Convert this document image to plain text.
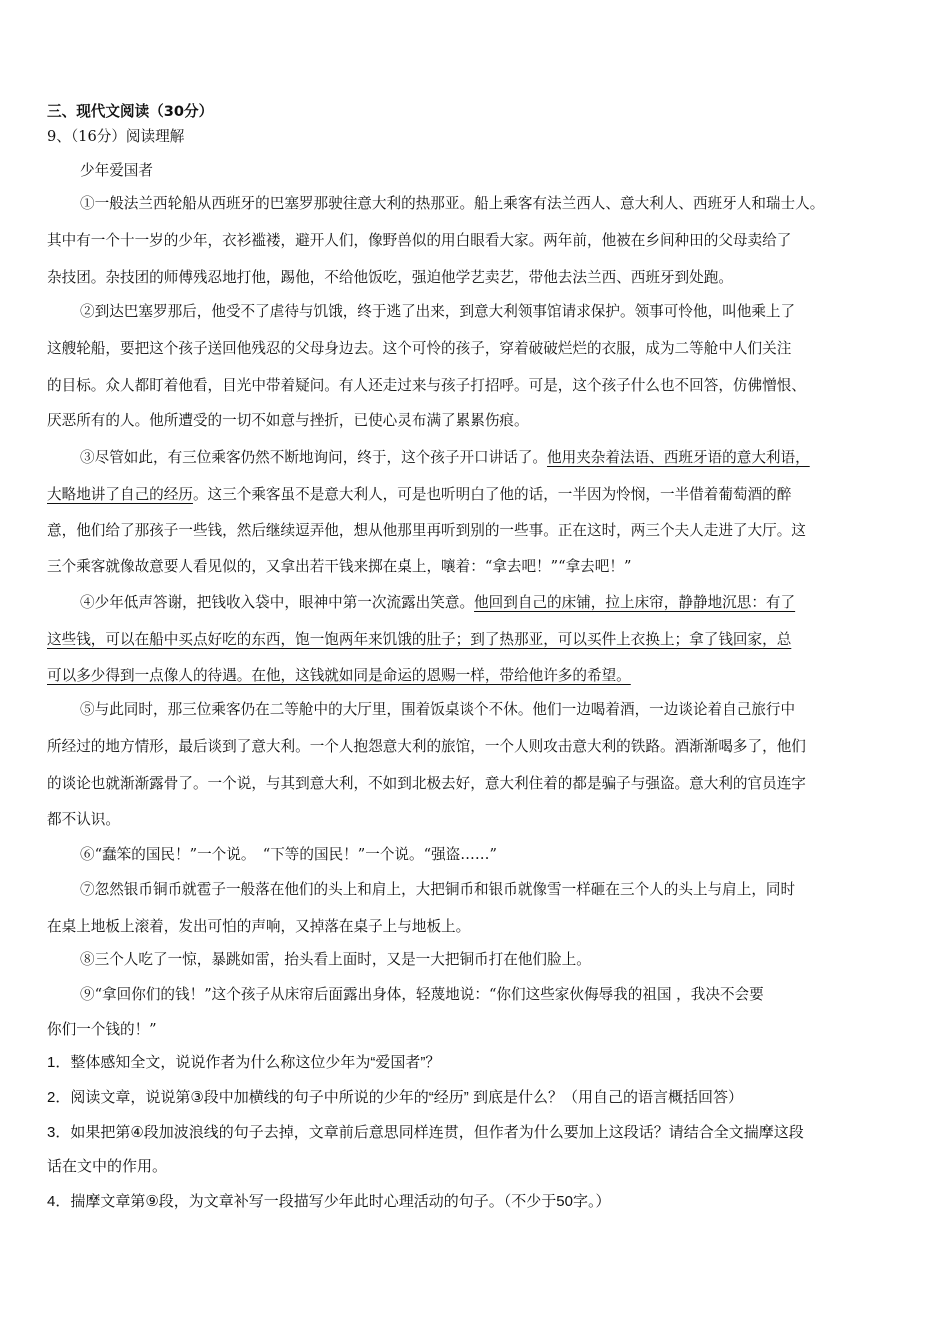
三、现代文阅读（30分）
9、（16分）阅读理解
少年爱国者
①一般法兰西轮船从西班牙的巴塞罗那驶往意大利的热那亚。船上乘客有法兰西人、意大利人、西班牙人和瑞士人。
其中有一个十一岁的少年，衣衫褴褛，避开人们，像野兽似的用白眼看大家。两年前，他被在乡间种田的父母卖给了
杂技团。杂技团的师傅残忍地打他，踢他，不给他饭吃，强迫他学艺卖艺，带他去法兰西、西班牙到处跑。
②到达巴塞罗那后，他受不了虐待与饥饿，终于逃了出来，到意大利领事馆请求保护。领事可怜他，叫他乘上了
这艘轮船，要把这个孩子送回他残忍的父母身边去。这个可怜的孩子，穿着破破烂烂的衣服，成为二等舱中人们关注
的目标。众人都盯着他看，目光中带着疑问。有人还走过来与孩子打招呼。可是，这个孩子什么也不回答，仿佛憎恨、
厌恶所有的人。他所遭受的一切不如意与挫折，已使心灵布满了累累伤痕。
③尽管如此，有三位乘客仍然不断地询问，终于，这个孩子开口讲话了。他用夹杂着法语、西班牙语的意大利语，
大略地讲了自己的经历。这三个乘客虽不是意大利人，可是也听明白了他的话，一半因为怜悯，一半借着葡萄酒的醉
意，他们给了那孩子一些钱，然后继续逗弄他，想从他那里再听到别的一些事。正在这时，两三个夫人走进了大厅。这
三个乘客就像故意要人看见似的，又拿出若干钱来掷在桌上，嚷着：“拿去吧！”“拿去吧！”
④少年低声答谢，把钱收入袋中，眼神中第一次流露出笑意。他回到自己的床铺，拉上床帘，静静地沉思：有了
这些钱，可以在船中买点好吃的东西，饱一饱两年来饥饿的肚子；到了热那亚，可以买件上衣换上；拿了钱回家，总
可以多少得到一点像人的待遇。在他，这钱就如同是命运的恩赐一样，带给他许多的希望。
⑤与此同时，那三位乘客仍在二等舱中的大厅里，围着饭桌谈个不休。他们一边喝着酒，一边谈论着自己旅行中
所经过的地方情形，最后谈到了意大利。一个人抱怨意大利的旅馆，一个人则攻击意大利的铁路。酒渐渐喝多了，他们
的谈论也就渐渐露骨了。一个说，与其到意大利，不如到北极去好，意大利住着的都是骗子与强盗。意大利的官员连字
都不认识。
⑥“蠢笨的国民！”一个说。　“下等的国民！”一个说。“强盗……”
⑦忽然银币铜币就雹子一般落在他们的头上和肩上，大把铜币和银币就像雪一样砸在三个人的头上与肩上，同时
在桌上地板上滚着，发出可怕的声响，又掉落在桌子上与地板上。
⑧三个人吃了一惊，暴跳如雷，抬头看上面时，又是一大把铜币打在他们脸上。
⑨“拿回你们的钱！”这个孩子从床帘后面露出身体，轻蔑地说：“你们这些家伙侮辱我的祖国 ，我决不会要
你们一个钱的！”
1．整体感知全文，说说作者为什么称这位少年为“爱国者”？
2．阅读文章，说说第③段中加横线的句子中所说的少年的“经历” 到底是什么？（用自己的语言概括回答）
3．如果把第④段加波浪线的句子去掉，文章前后意思同样连贯，但作者为什么要加上这段话？请结合全文揣摩这段
话在文中的作用。
4．揣摩文章第⑨段，为文章补写一段描写少年此时心理活动的句子。（不少于50字。）
